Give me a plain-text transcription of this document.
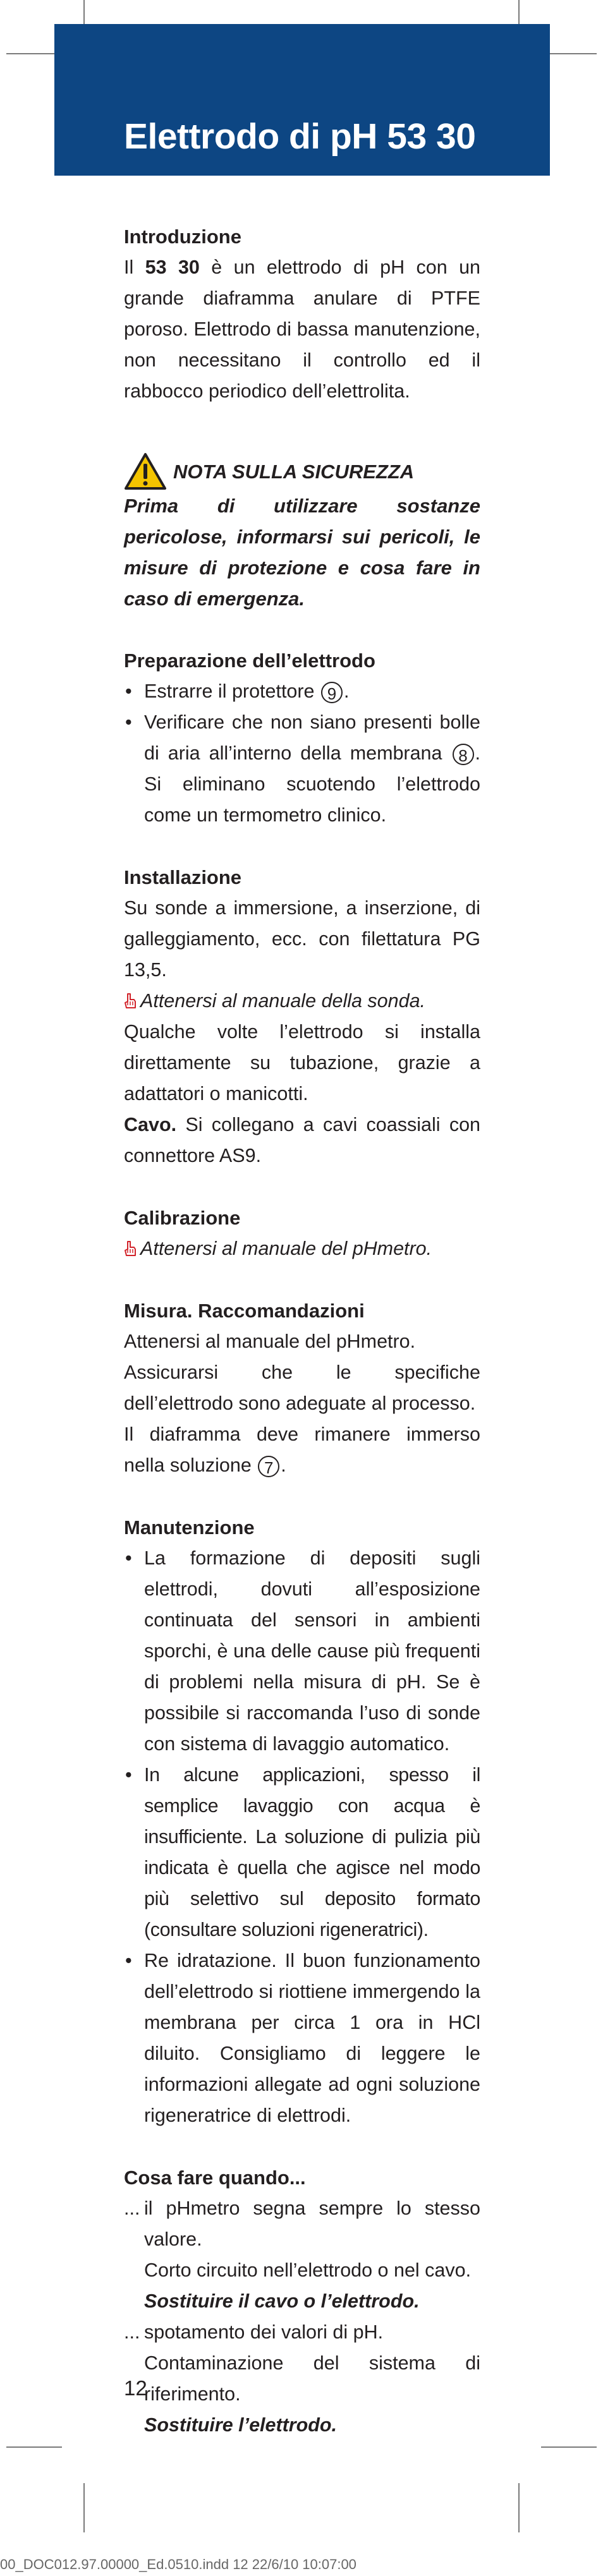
Elettrodo di pH 53 30
Introduzione

Il 53 30 è un elettrodo di pH con un grande diaframma anulare di PTFE poroso. Elettrodo di bassa manutenzione, non necessitano il controllo ed il rabbocco periodico dell’elettrolita.

NOTA SULLA SICUREZZA

Prima di utilizzare sostanze pericolose, informarsi sui pericoli, le misure di protezione e cosa fare in caso di emergenza.

Preparazione dell’elettrodo
• Estrarre il protettore 9 .
• Verificare che non siano presenti bolle di aria all’interno della membrana 8 . Si eliminano scuotendo l’elettrodo come un termometro clinico.
Installazione

Su sonde a immersione, a inserzione, di galleggiamento, ecc. con filettatura PG 13,5.

Attenersi al manuale della sonda.

Qualche volte l’elettrodo si installa direttamente su tubazione, grazie a adattatori o manicotti.

Cavo. Si collegano a cavi coassiali con connettore AS9.

Calibrazione

Attenersi al manuale del pHmetro.

Misura. Raccomandazioni

Attenersi al manuale del pHmetro.

Assicurarsi che le specifiche dell’elettrodo sono adeguate al processo.

Il diaframma deve rimanere immerso nella soluzione 7 .

Manutenzione
• La formazione di depositi sugli elettrodi, dovuti all’esposizione continuata del sensori in ambienti sporchi, è una delle cause più frequenti di problemi nella misura di pH. Se è possibile si raccomanda l’uso di sonde con sistema di lavaggio automatico.
• In alcune applicazioni, spesso il semplice lavaggio con acqua è insufficiente. La soluzione di pulizia più indicata è quella che agisce nel modo più selettivo sul deposito formato (consultare soluzioni rigeneratrici).
• Re idratazione. Il buon funzionamento dell’elettrodo si riottiene immergendo la membrana per circa 1 ora in HCl diluito. Consigliamo di leggere le informazioni allegate ad ogni soluzione rigeneratrice di elettrodi.
Cosa fare quando...
... il pHmetro segna sempre lo stesso valore.

Corto circuito nell’elettrodo o nel cavo.

Sostituire il cavo o l’elettrodo.

... spotamento dei valori di pH.

Contaminazione del sistema di riferimento.

Sostituire l’elettrodo.

12
00_DOC012.97.00000_Ed.0510.indd 12 22/6/10 10:07:00
